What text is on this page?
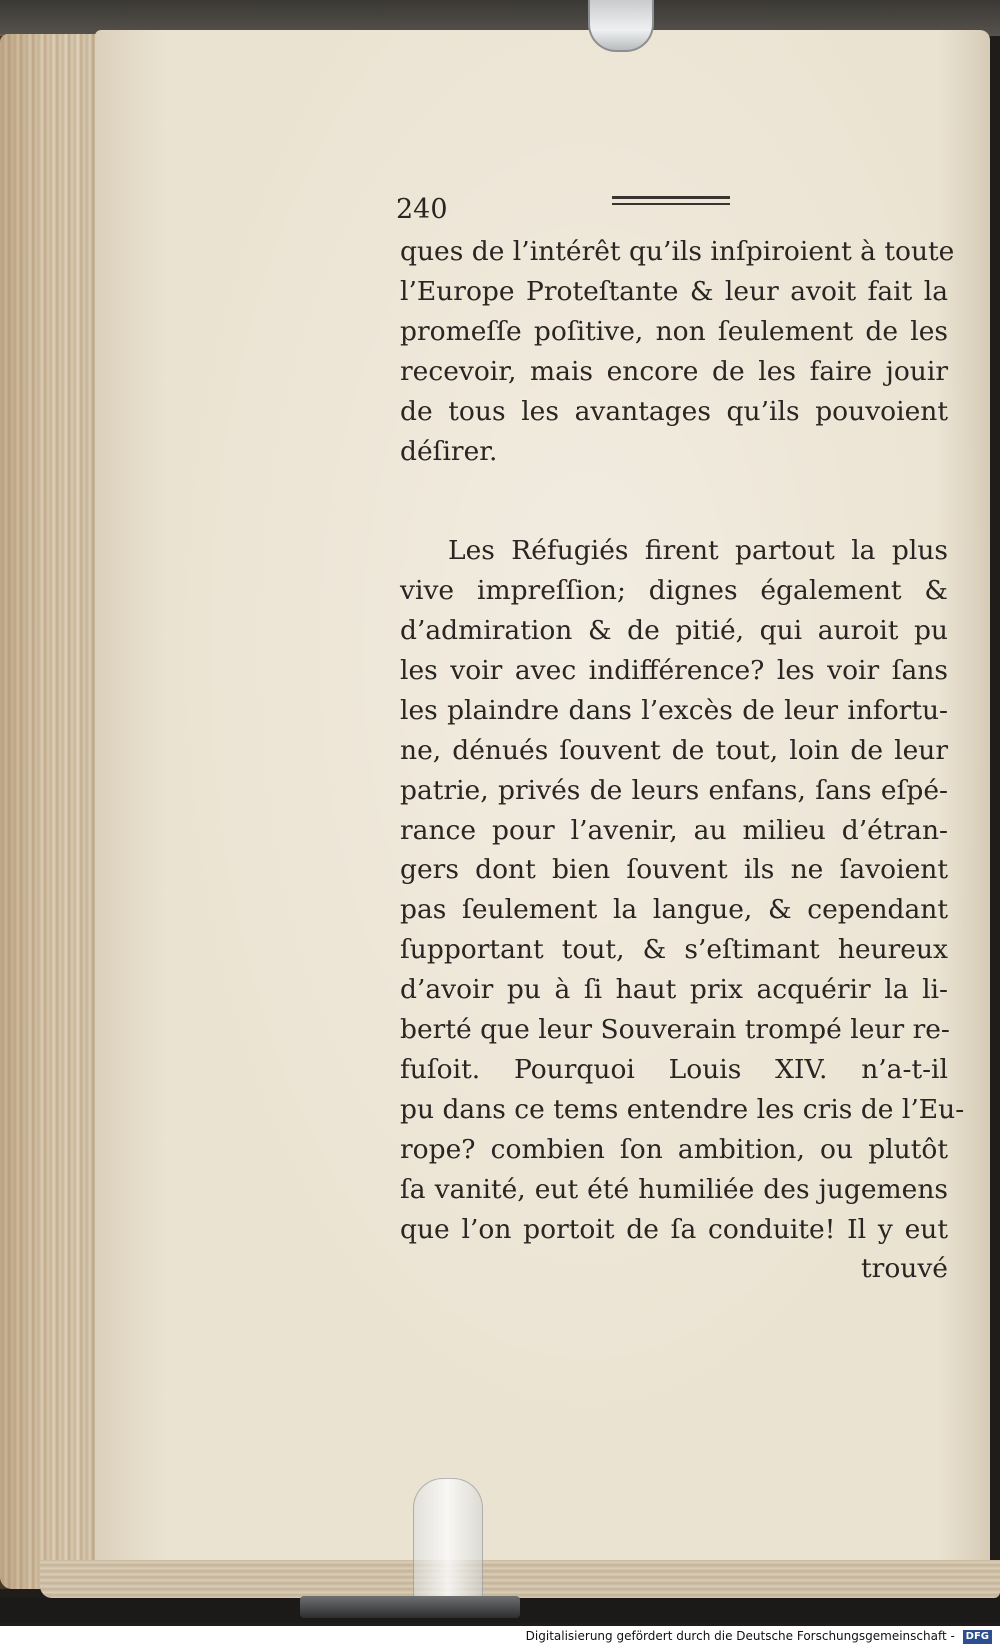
240
ques de l’intérêt qu’ils inſpiroient à toute
l’Europe Proteſtante & leur avoit fait la
promeſſe poſitive, non ſeulement de les
recevoir, mais encore de les faire jouir
de tous les avantages qu’ils pouvoient
déſirer.
Les Réfugiés firent partout la plus
vive impreſſion; dignes également &
d’admiration & de pitié, qui auroit pu
les voir avec indifférence? les voir ſans
les plaindre dans l’excès de leur infortu-
ne, dénués ſouvent de tout, loin de leur
patrie, privés de leurs enfans, ſans eſpé-
rance pour l’avenir, au milieu d’étran-
gers dont bien ſouvent ils ne ſavoient
pas ſeulement la langue, & cependant
ſupportant tout, & s’eſtimant heureux
d’avoir pu à ſi haut prix acquérir la li-
berté que leur Souverain trompé leur re-
fuſoit. Pourquoi Louis XIV. n’a-t-il
pu dans ce tems entendre les cris de l’Eu-
rope? combien ſon ambition, ou plutôt
ſa vanité, eut été humiliée des jugemens
que l’on portoit de ſa conduite! Il y eut
trouvé
Digitalisierung gefördert durch die Deutsche Forschungsgemeinschaft - DFG
